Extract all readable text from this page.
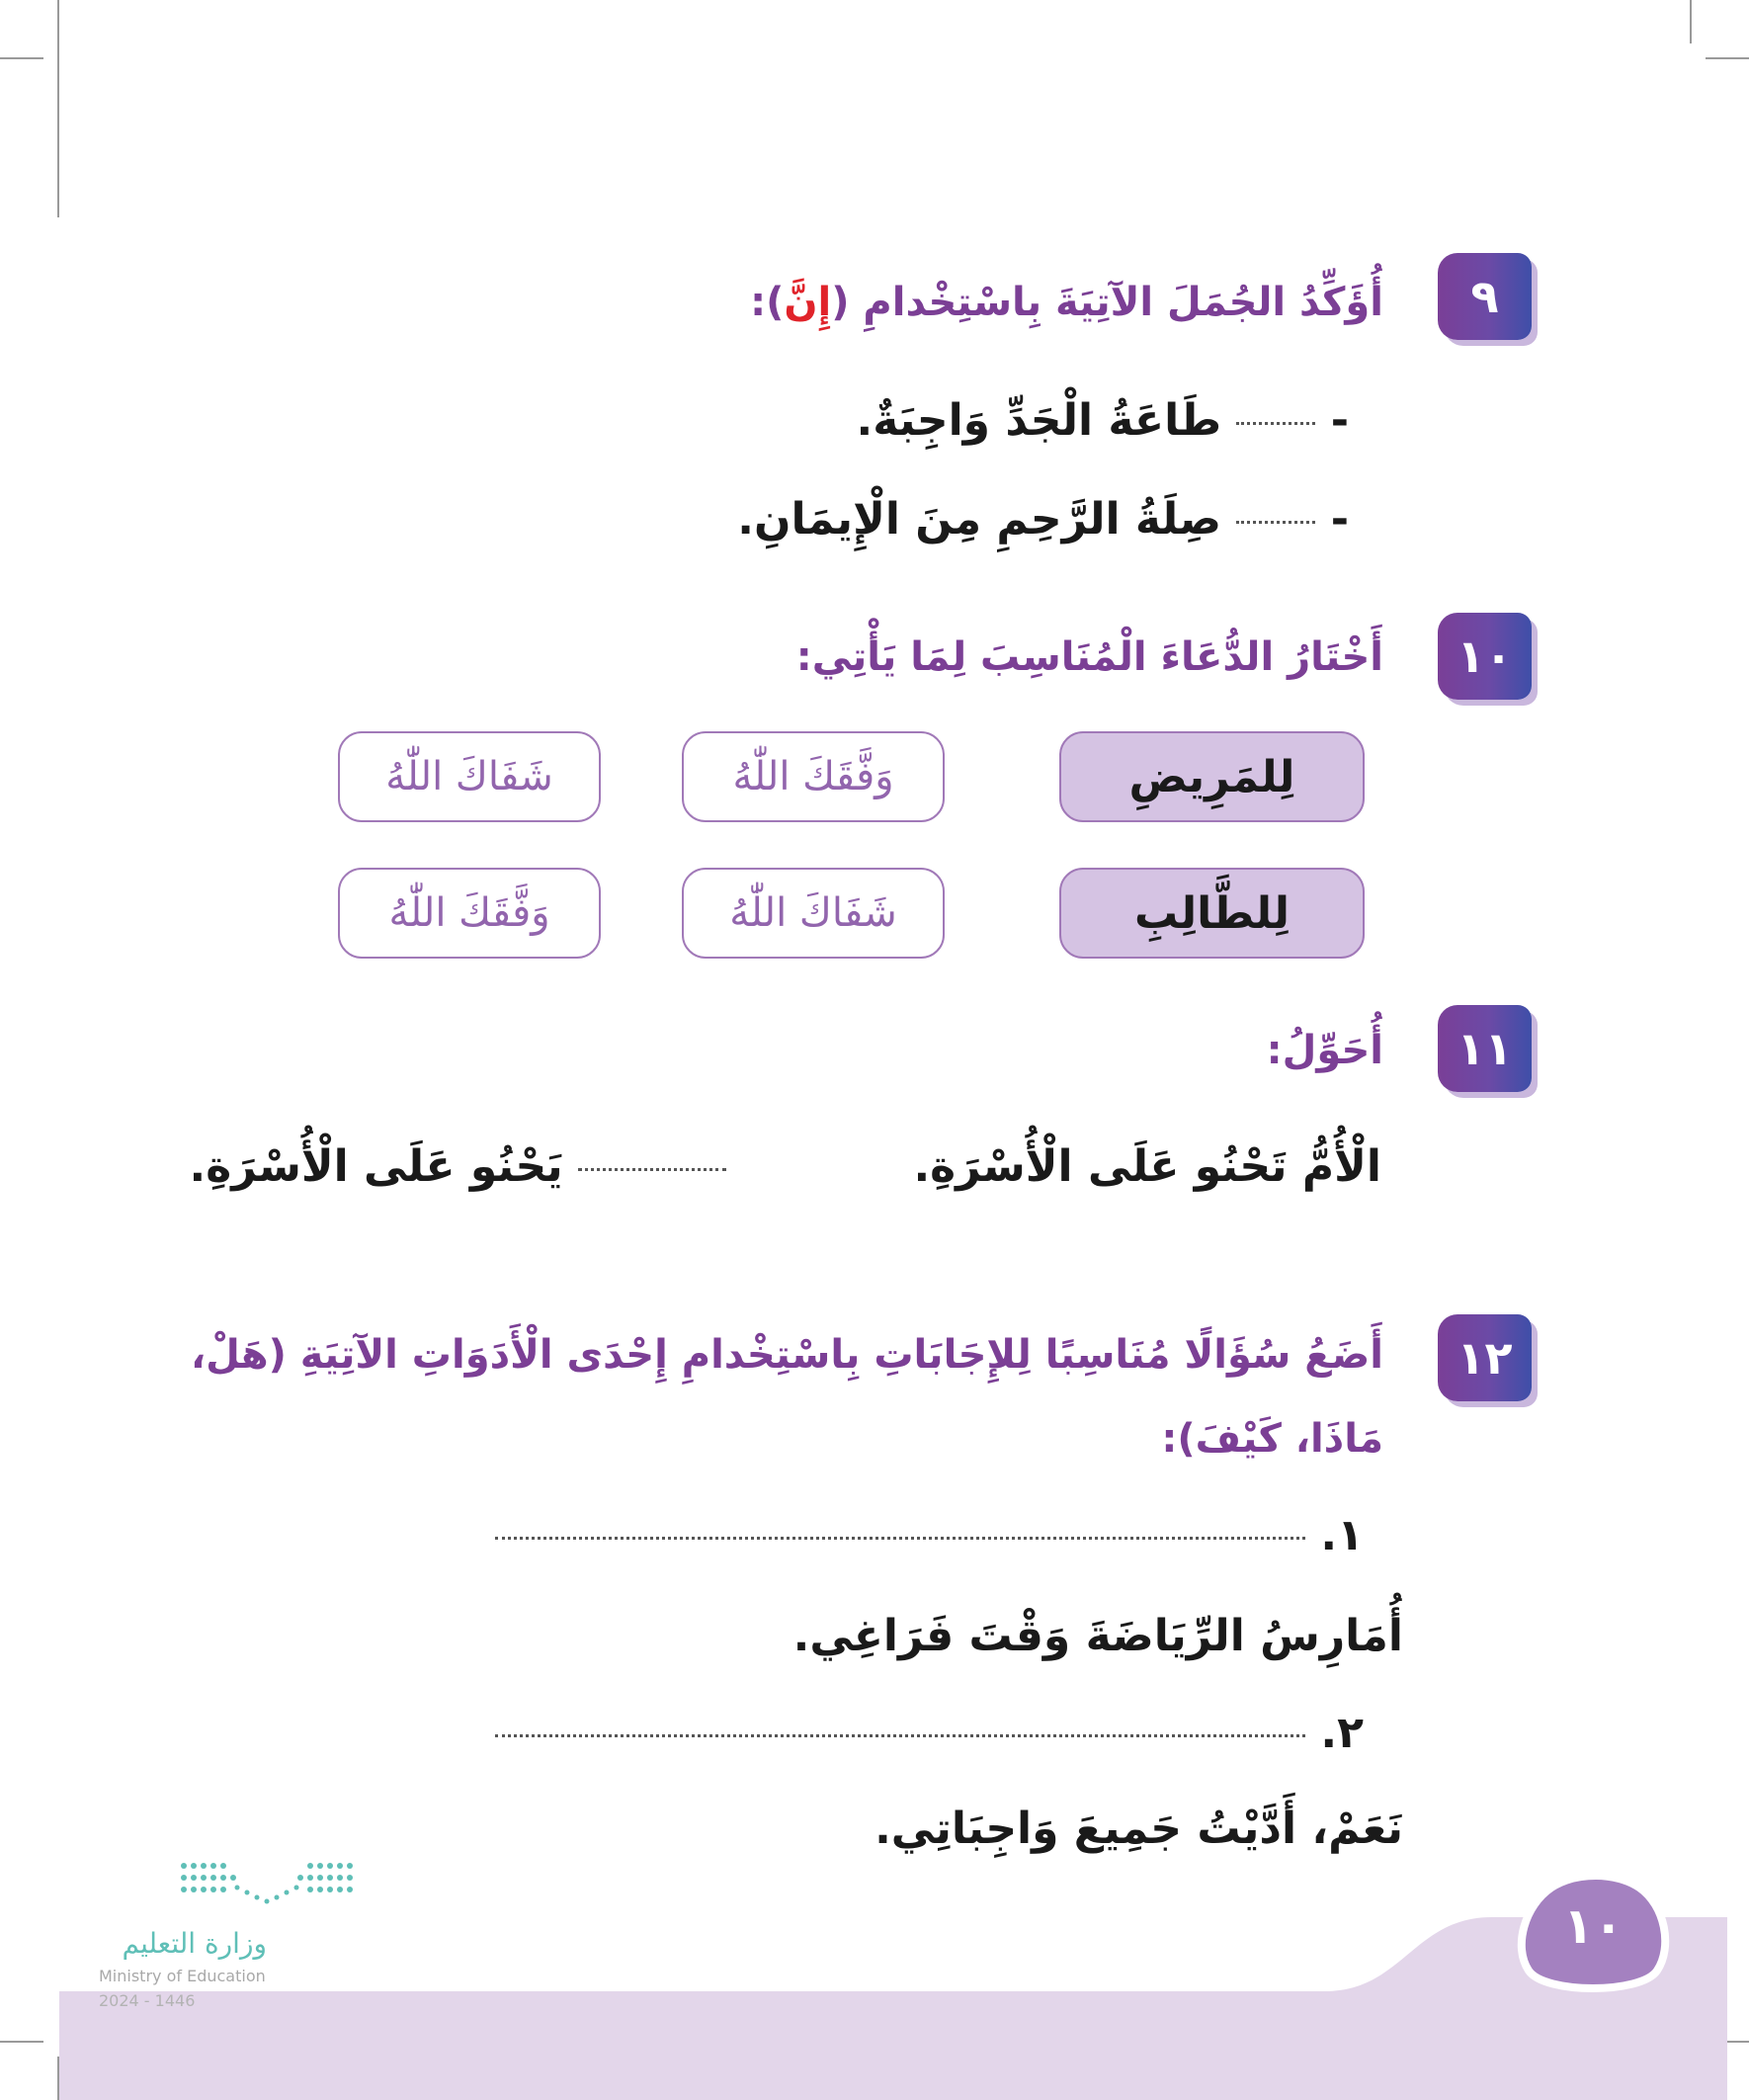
٩
أُؤَكِّدُ الجُمَلَ الآتِيَةَ بِاسْتِخْدامِ (إِنَّ):
-  طَاعَةُ الْجَدِّ وَاجِبَةٌ.
-  صِلَةُ الرَّحِمِ مِنَ الْإِيمَانِ.
١٠
أَخْتَارُ الدُّعَاءَ الْمُنَاسِبَ لِمَا يَأْتِي:
لِلمَرِيضِ
وَفَّقَكَ اللّٰهُ
شَفَاكَ اللّٰهُ
لِلطَّالِبِ
شَفَاكَ اللّٰهُ
وَفَّقَكَ اللّٰهُ
١١
أُحَوِّلُ:
الْأُمُّ تَحْنُو عَلَى الْأُسْرَةِ.
يَحْنُو عَلَى الْأُسْرَةِ.
١٢
أَضَعُ سُؤَالًا مُنَاسِبًا لِلإِجَابَاتِ بِاسْتِخْدامِ إِحْدَى الْأَدَوَاتِ الآتِيَةِ (هَلْ،
مَاذَا، كَيْفَ):
١.
أُمَارِسُ الرِّيَاضَةَ وَقْتَ فَرَاغِي.
٢.
نَعَمْ، أَدَّيْتُ جَمِيعَ وَاجِبَاتِي.
١٠
وزارة التعليم
Ministry of Education
2024 - 1446
